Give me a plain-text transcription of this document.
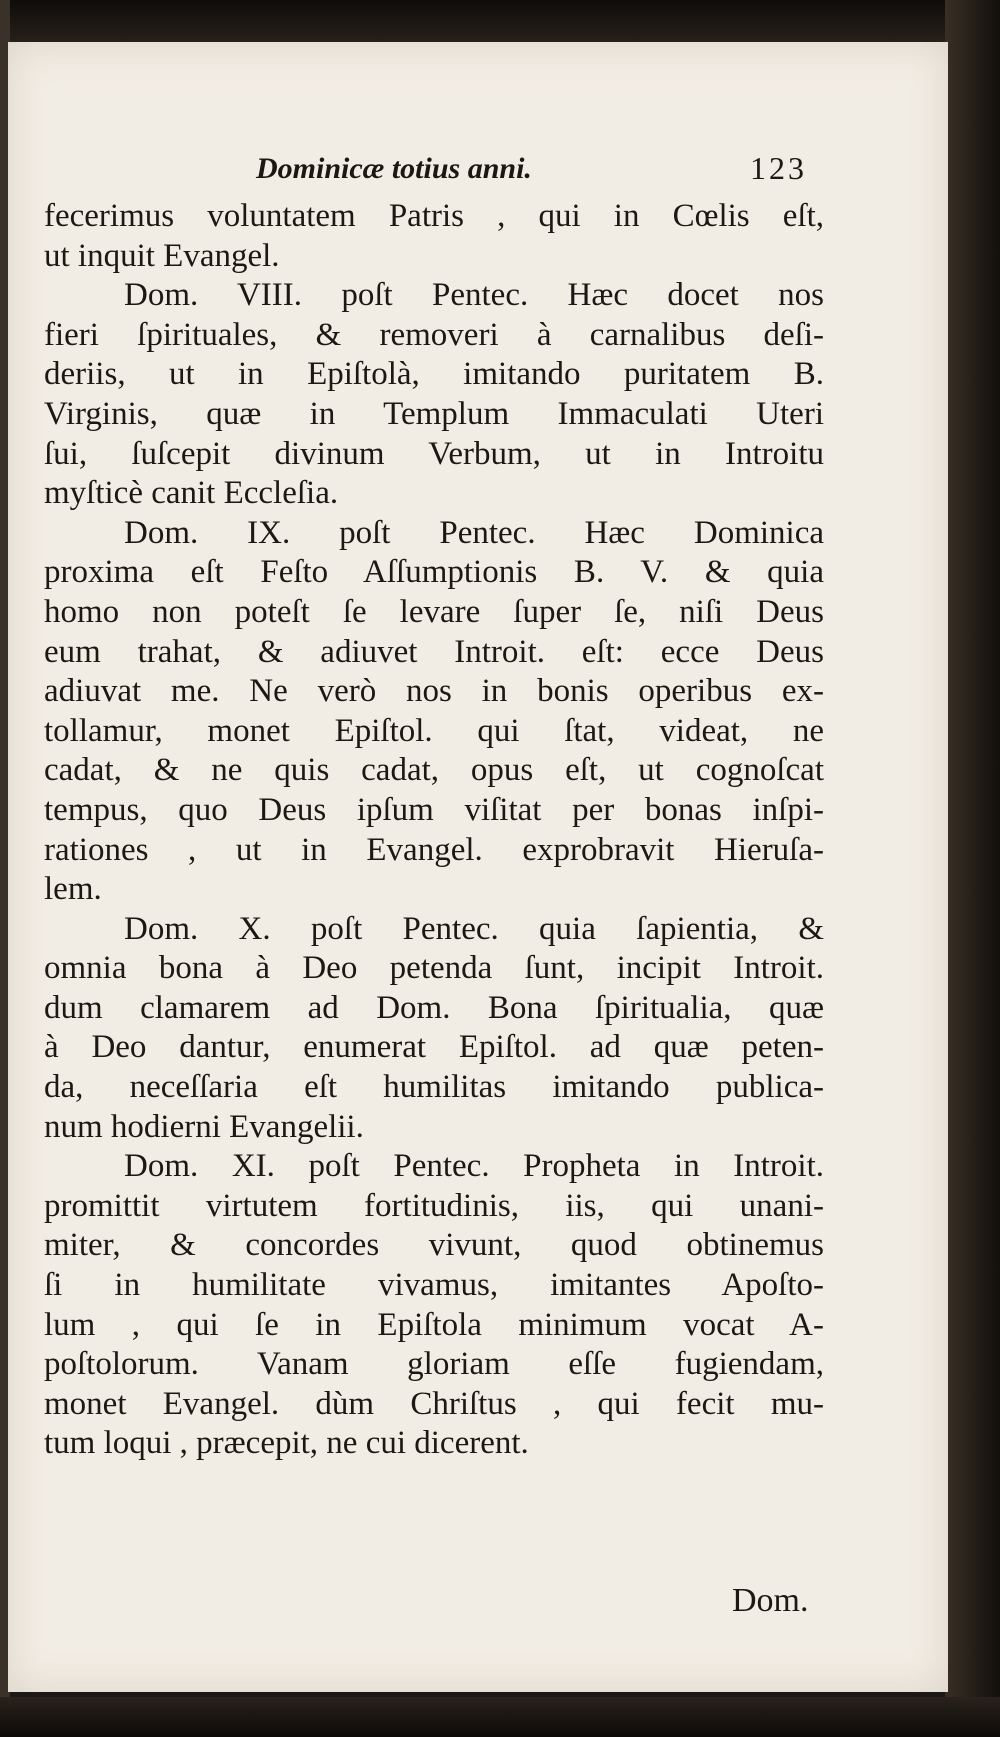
Dominicæ totius anni.	123
fecerimus voluntatem Patris , qui in Cœlis eſt,
ut inquit Evangel.
Dom. VIII. poſt Pentec. Hæc docet nos
fieri ſpirituales, & removeri à carnalibus deſi-
deriis, ut in Epiſtolà, imitando puritatem B.
Virginis, quæ in Templum Immaculati Uteri
ſui, ſuſcepit divinum Verbum, ut in Introitu
myſticè canit Eccleſia.
Dom. IX. poſt Pentec. Hæc Dominica
proxima eſt Feſto Aſſumptionis B. V. & quia
homo non poteſt ſe levare ſuper ſe, niſi Deus
eum trahat, & adiuvet Introit. eſt: ecce Deus
adiuvat me. Ne verò nos in bonis operibus ex-
tollamur, monet Epiſtol. qui ſtat, videat, ne
cadat, & ne quis cadat, opus eſt, ut cognoſcat
tempus, quo Deus ipſum viſitat per bonas inſpi-
rationes , ut in Evangel. exprobravit Hieruſa-
lem.
Dom. X. poſt Pentec. quia ſapientia, &
omnia bona à Deo petenda ſunt, incipit Introit.
dum clamarem ad Dom. Bona ſpiritualia, quæ
à Deo dantur, enumerat Epiſtol. ad quæ peten-
da, neceſſaria eſt humilitas imitando publica-
num hodierni Evangelii.
Dom. XI. poſt Pentec. Propheta in Introit.
promittit virtutem fortitudinis, iis, qui unani-
miter, & concordes vivunt, quod obtinemus
ſi in humilitate vivamus, imitantes Apoſto-
lum , qui ſe in Epiſtola minimum vocat A-
poſtolorum. Vanam gloriam eſſe fugiendam,
monet Evangel. dùm Chriſtus , qui fecit mu-
tum loqui , præcepit, ne cui dicerent.
Dom.
